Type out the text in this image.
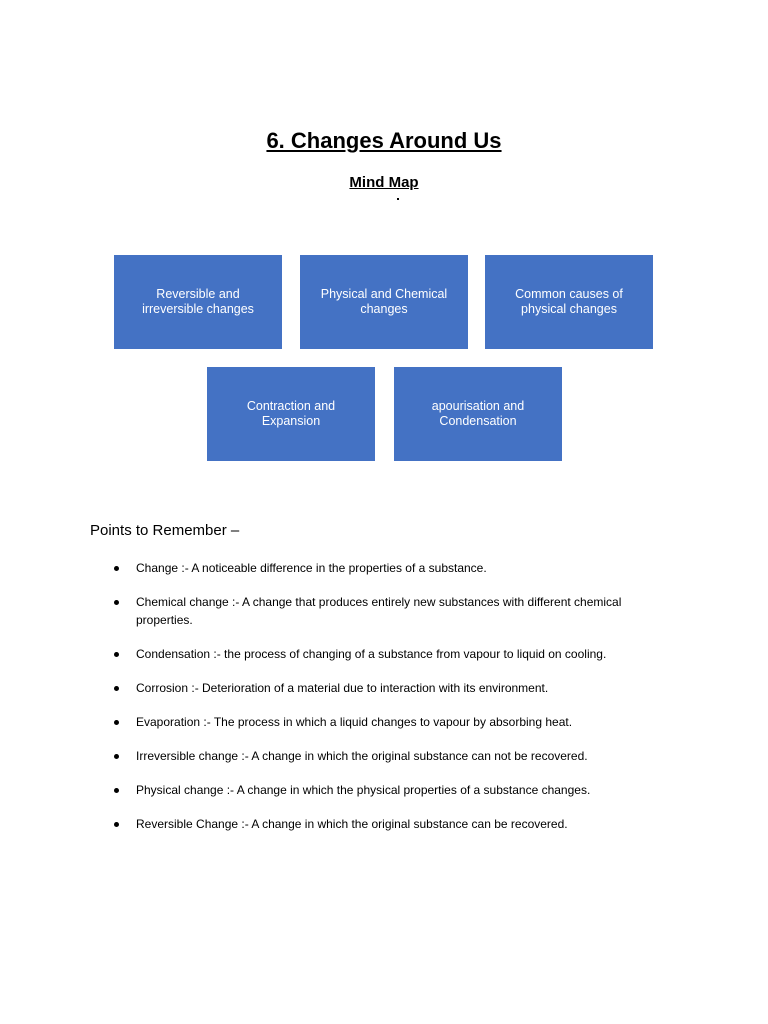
6. Changes Around Us
Mind Map
Reversible and irreversible changes
Physical and Chemical changes
Common causes of physical changes
Contraction and Expansion
apourisation and Condensation
Points to Remember –
Change :- A noticeable difference in the properties of a substance.
Chemical change :- A change that produces entirely new substances with different chemical properties.
Condensation :- the process of changing of a substance from vapour to liquid on cooling.
Corrosion :- Deterioration of a material due to interaction with its environment.
Evaporation :- The process in which a liquid changes to vapour by absorbing heat.
Irreversible change :- A change in which the original substance can not be recovered.
Physical change :- A change in which the physical properties of a substance changes.
Reversible Change :- A change in which the original substance can be recovered.
